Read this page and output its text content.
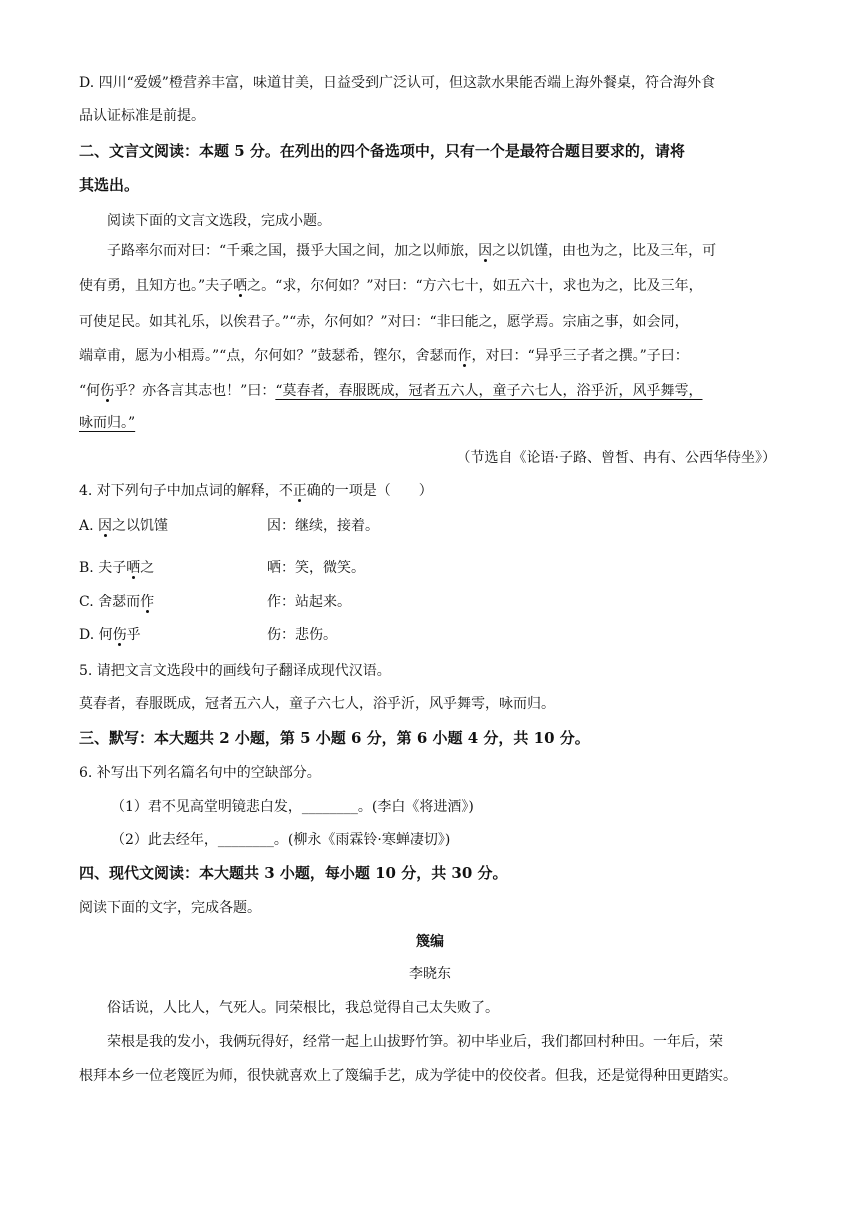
D. 四川“爱媛”橙营养丰富，味道甘美，日益受到广泛认可，但这款水果能否端上海外餐桌，符合海外食
品认证标准是前提。
二、文言文阅读：本题 5 分。在列出的四个备选项中，只有一个是最符合题目要求的，请将
其选出。
阅读下面的文言文选段，完成小题。
子路率尔而对曰：“千乘之国，摄乎大国之间，加之以师旅，因之以饥馑，由也为之，比及三年，可
使有勇，且知方也。”夫子哂之。“求，尔何如？”对曰：“方六七十，如五六十，求也为之，比及三年，
可使足民。如其礼乐，以俟君子。”“赤，尔何如？”对曰：“非曰能之，愿学焉。宗庙之事，如会同，
端章甫，愿为小相焉。”“点，尔何如？”鼓瑟希，铿尔，舍瑟而作，对曰：“异乎三子者之撰。”子曰：
“何伤乎？亦各言其志也！”曰：“莫春者，春服既成，冠者五六人，童子六七人，浴乎沂，风乎舞雩，
咏而归。”
（节选自《论语·子路、曾皙、冉有、公西华侍坐》）
4. 对下列句子中加点词的解释，不正确的一项是（　　）
A. 因之以饥馑	因：继续，接着。
B. 夫子哂之	哂：笑，微笑。
C. 舍瑟而作	作：站起来。
D. 何伤乎	伤：悲伤。
5. 请把文言文选段中的画线句子翻译成现代汉语。
莫春者，春服既成，冠者五六人，童子六七人，浴乎沂，风乎舞雩，咏而归。
三、默写：本大题共 2 小题，第 5 小题 6 分，第 6 小题 4 分，共 10 分。
6. 补写出下列名篇名句中的空缺部分。
（1）君不见高堂明镜悲白发，________。(李白《将进酒》)
（2）此去经年，________。(柳永《雨霖铃·寒蝉凄切》)
四、现代文阅读：本大题共 3 小题，每小题 10 分，共 30 分。
阅读下面的文字，完成各题。
篾编
李晓东
俗话说，人比人，气死人。同荣根比，我总觉得自己太失败了。
荣根是我的发小，我俩玩得好，经常一起上山拔野竹笋。初中毕业后，我们都回村种田。一年后，荣
根拜本乡一位老篾匠为师，很快就喜欢上了篾编手艺，成为学徒中的佼佼者。但我，还是觉得种田更踏实。
